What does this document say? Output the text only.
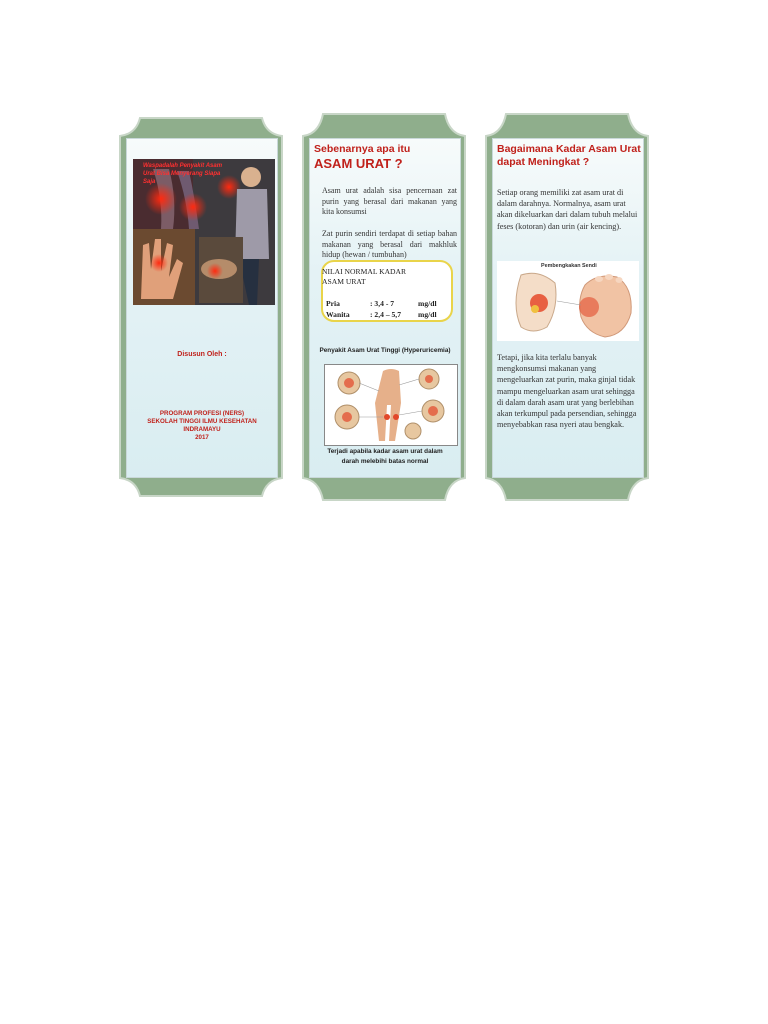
Waspadalah Penyakit Asam Urat Bisa Menyerang Siapa Saja
Disusun Oleh :
PROGRAM PROFESI (NERS)
SEKOLAH TINGGI ILMU KESEHATAN
INDRAMAYU
2017
Sebenarnya apa itu
ASAM URAT ?
Asam urat adalah sisa pencernaan zat purin yang berasal dari makanan yang kita konsumsi
Zat purin sendiri terdapat di setiap bahan makanan yang berasal dari makhluk hidup (hewan / tumbuhan)
NILAI NORMAL KADAR
ASAM URAT
Pria	: 3,4 - 7	mg/dl
Wanita	: 2,4 – 5,7 mg/dl
Penyakit Asam Urat Tinggi (Hyperuricemia)
Terjadi apabila kadar asam urat dalam
darah melebihi batas normal
Bagaimana Kadar Asam Urat
dapat Meningkat ?
Setiap orang memiliki zat asam urat di dalam darahnya. Normalnya, asam urat akan dikeluarkan dari dalam tubuh melalui feses (kotoran) dan urin (air kencing).
Pembengkakan Sendi
Tetapi, jika kita terlalu banyak mengkonsumsi makanan yang mengeluarkan zat purin, maka ginjal tidak mampu mengeluarkan asam urat sehingga di dalam darah asam urat yang berlebihan akan terkumpul pada persendian, sehingga menyebabkan rasa nyeri atau bengkak.
